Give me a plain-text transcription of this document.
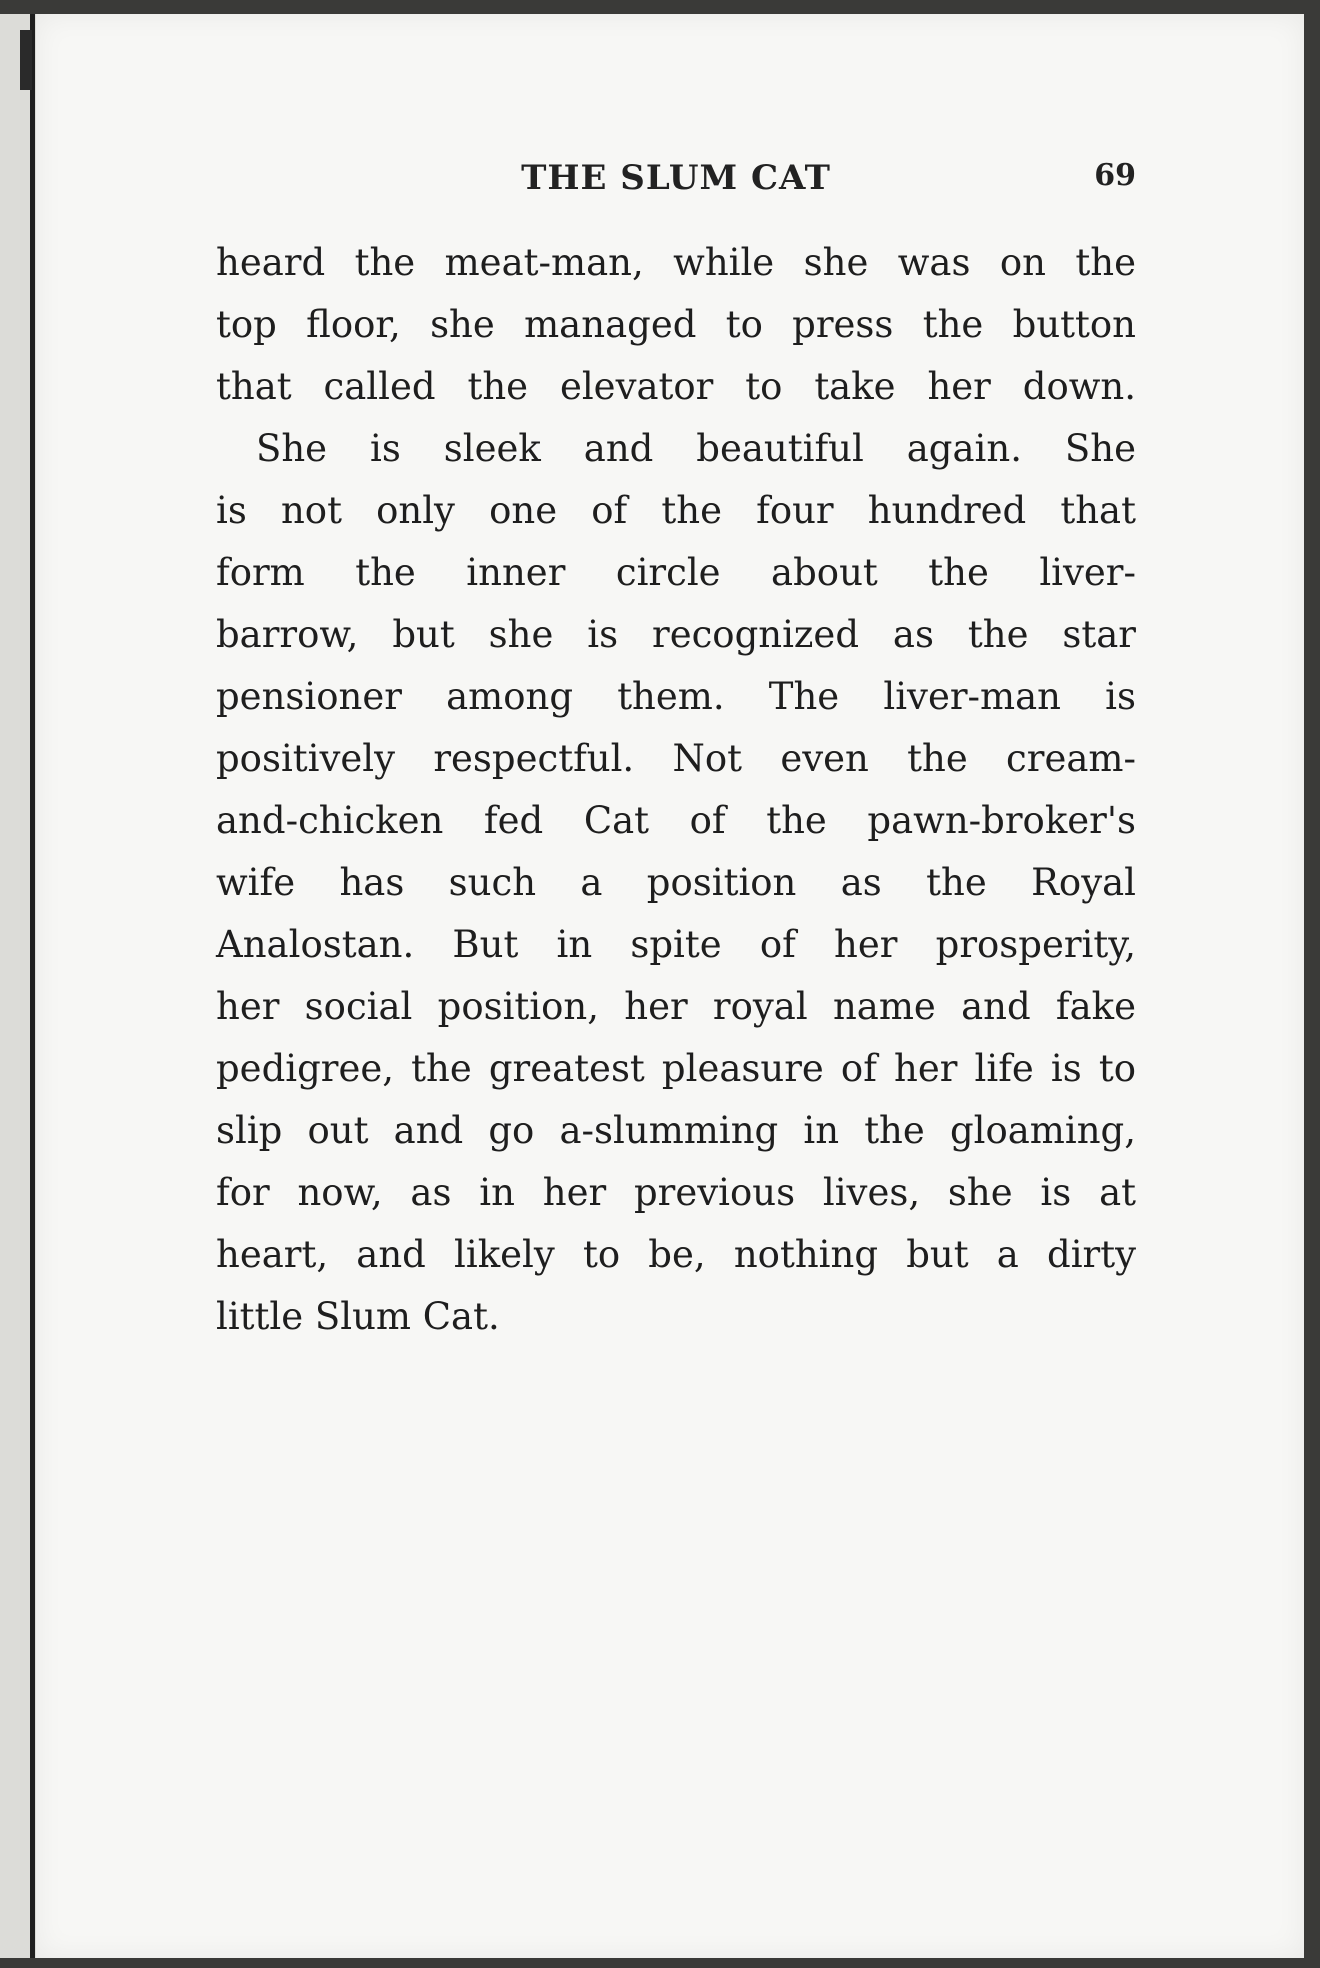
THE SLUM CAT	69
heard the meat-man, while she was on the
top floor, she managed to press the button
that called the elevator to take her down.
She is sleek and beautiful again. She
is not only one of the four hundred that
form the inner circle about the liver-
barrow, but she is recognized as the star
pensioner among them. The liver-man is
positively respectful. Not even the cream-
and-chicken fed Cat of the pawn-broker's
wife has such a position as the Royal
Analostan. But in spite of her prosperity,
her social position, her royal name and fake
pedigree, the greatest pleasure of her life is to
slip out and go a-slumming in the gloaming,
for now, as in her previous lives, she is at
heart, and likely to be, nothing but a dirty
little Slum Cat.
